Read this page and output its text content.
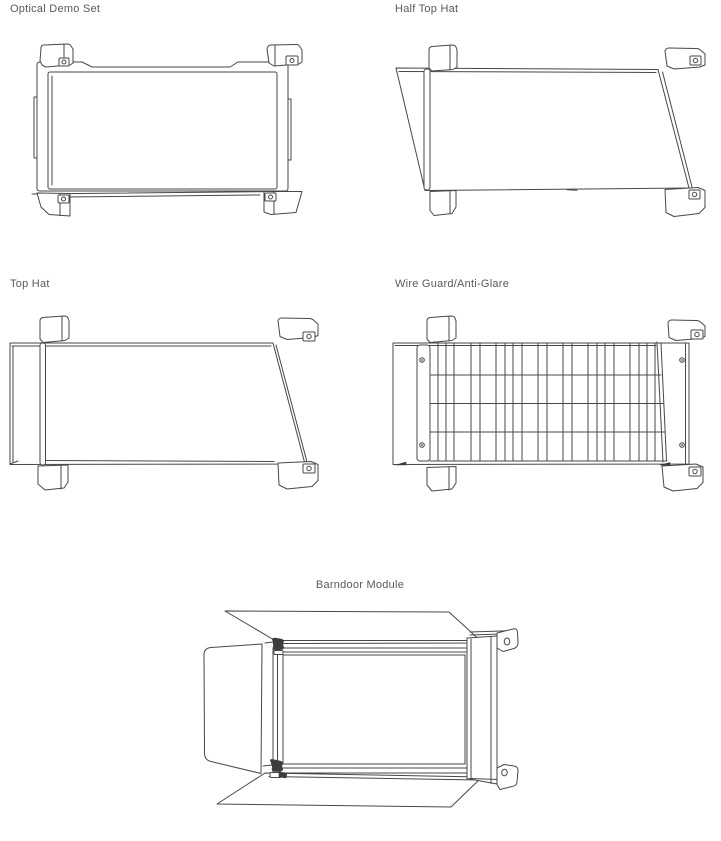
Optical Demo Set	Half Top Hat
Top Hat	Wire Guard/Anti-Glare
Barndoor Module
